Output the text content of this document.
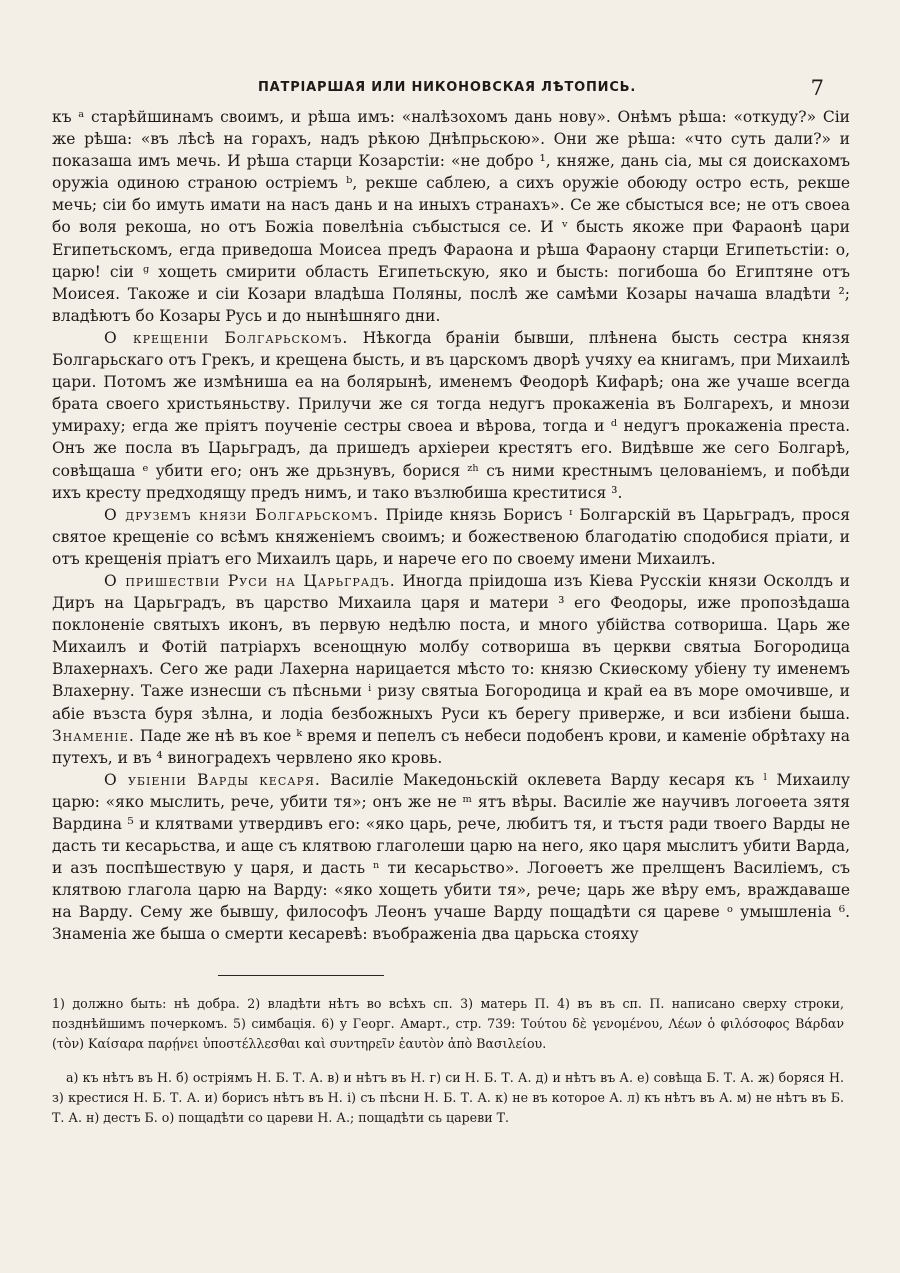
ПАТРІАРШАЯ ИЛИ НИКОНОВСКАЯ ЛѢТОПИСЬ.	7

къ ᵃ старѣйшинамъ своимъ, и рѣша имъ: «налѣзохомъ дань нову». Онѣмъ рѣша: «откуду?» Сіи же рѣша: «въ лѣсѣ на горахъ, надъ рѣкою Днѣпрьскою». Они же рѣша: «что суть дали?» и показаша имъ мечь. И рѣша старци Козарстіи: «не добро ¹, княже, дань сіа, мы ся доискахомъ оружіа одиною страною остріемъ ᵇ, рекше саблею, а сихъ оружіе обоюду остро есть, рекше мечь; сіи бо имуть имати на насъ дань и на иныхъ странахъ». Се же сбыстыся все; не отъ своеа бо воля рекоша, но отъ Божіа повелѣніа събыстыся се. И ᵛ бысть якоже при Фараонѣ цари Египетьскомъ, егда приведоша Моисеа предъ Фараона и рѣша Фараону старци Египетьстіи: о, царю! сіи ᵍ хощеть смирити область Египетьскую, яко и бысть: погибоша бо Египтяне отъ Моисея. Такоже и сіи Козари владѣша Поляны, послѣ же самѣми Козары начаша владѣти ²; владѣютъ бо Козары Русь и до нынѣшняго дни.

О крещеніи Болгарьскомъ. Нѣкогда браніи бывши, плѣнена бысть сестра князя Болгарьскаго отъ Грекъ, и крещена бысть, и въ царскомъ дворѣ учяху еа книгамъ, при Михаилѣ цари. Потомъ же измѣниша еа на болярынѣ, именемъ Феодорѣ Кифарѣ; она же учаше всегда брата своего христьяньству. Прилучи же ся тогда недугъ прокаженіа въ Болгарехъ, и мнози умираху; егда же пріятъ поученіе сестры своеа и вѣрова, тогда и ᵈ недугъ прокаженіа преста. Онъ же посла въ Царьградъ, да пришедъ архіереи крестятъ его. Видѣвше же сего Болгарѣ, совѣщаша ᵉ убити его; онъ же дрьзнувъ, борися ᶻʰ съ ними крестнымъ целованіемъ, и побѣди ихъ кресту предходящу предъ нимъ, и тако възлюбиша креститися ³.

О друземъ князи Болгарьскомъ. Пріиде князь Борисъ ᶦ Болгарскій въ Царьградъ, прося святое крещеніе со всѣмъ княженіемъ своимъ; и божественою благодатію сподобися пріати, и отъ крещенія пріатъ его Михаилъ царь, и нарече его по своему имени Михаилъ.

О пришествіи Руси на Царьградъ. Иногда пріидоша изъ Кіева Русскіи князи Осколдъ и Диръ на Царьградъ, въ царство Михаила царя и матери ³ его Феодоры, иже пропозѣдаша поклоненіе святыхъ иконъ, въ первую недѣлю поста, и много убійства сотвориша. Царь же Михаилъ и Фотій патріархъ всенощную молбу сотвориша въ церкви святыа Богородица Влахернахъ. Сего же ради Лахерна нарицается мѣсто то: князю Скиѳскому убіену ту именемъ Влахерну. Таже изнесши съ пѣсньми ⁱ ризу святыа Богородица и край еа въ море омочивше, и абіе възста буря зѣлна, и лодіа безбожныхъ Руси къ берегу приверже, и вси избіени быша. Знаменіе. Паде же нѣ въ кое ᵏ время и пепелъ съ небеси подобенъ крови, и каменіе обрѣтаху на путехъ, и въ ⁴ виноградехъ червлено яко кровь.

О убіеніи Варды кесаря. Василіе Македоньскій оклевета Варду кесаря къ ˡ Михаилу царю: «яко мыслить, рече, убити тя»; онъ же не ᵐ ятъ вѣры. Василіе же научивъ логоѳета зятя Вардина ⁵ и клятвами утвердивъ его: «яко царь, рече, любитъ тя, и тъстя ради твоего Варды не дасть ти кесарьства, и аще съ клятвою глаголеши царю на него, яко царя мыслитъ убити Варда, и азъ поспѣшествую у царя, и дасть ⁿ ти кесарьство». Логоѳетъ же прелщенъ Василіемъ, съ клятвою глагола царю на Варду: «яко хощеть убити тя», рече; царь же вѣру емъ, враждаваше на Варду. Сему же бывшу, философъ Леонъ учаше Варду пощадѣти ся цареве ᵒ умышленіа ⁶. Знаменіа же быша о смерти кесаревѣ: въображеніа два царьска стояху

1) должно быть: нѣ добра. 2) владѣти нѣтъ во всѣхъ сп. 3) матерь П. 4) въ въ сп. П. написано сверху строки, позднѣйшимъ почеркомъ. 5) симбація. 6) у Георг. Амарт., стр. 739: Τούτου δὲ γενομένου, Λέων ὁ φιλόσοφος Βάρδαν (τὸν) Καίσαρα παρῄνει ὑποστέλλεσθαι καὶ συντηρεῖν ἑαυτὸν ἀπὸ Βασιλείου.

а) къ нѣтъ въ Н. б) остріямъ Н. Б. Т. А. в) и нѣтъ въ Н. г) си Н. Б. Т. А. д) и нѣтъ въ А. е) совѣща Б. Т. А. ж) боряся Н. з) крестися Н. Б. Т. А. и) борисъ нѣтъ въ Н. і) съ пѣсни Н. Б. Т. А. к) не въ которое А. л) къ нѣтъ въ А. м) не нѣтъ въ Б. Т. А. н) дестъ Б. о) пощадѣти со цареви Н. А.; пощадѣти сь цареви Т.
